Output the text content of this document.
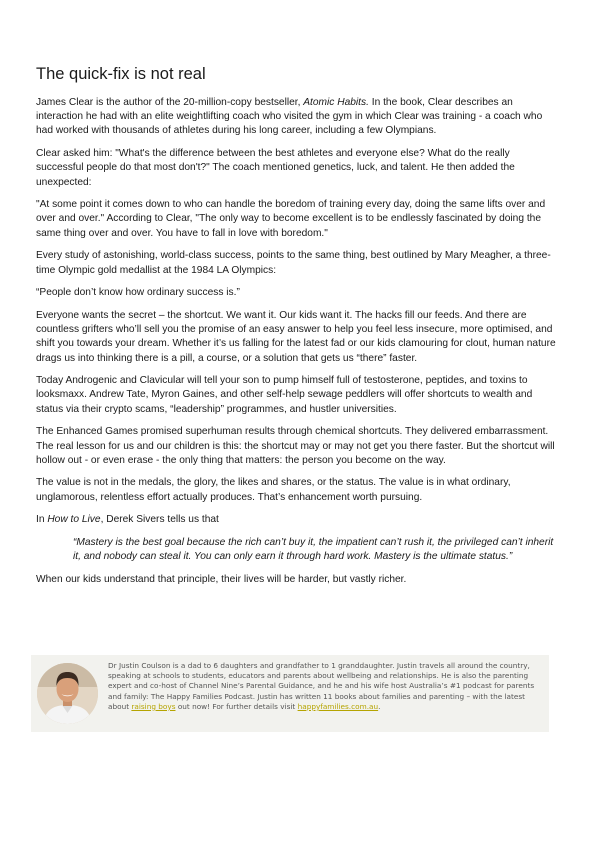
The quick-fix is not real

James Clear is the author of the 20-million-copy bestseller, Atomic Habits. In the book, Clear describes an interaction he had with an elite weightlifting coach who visited the gym in which Clear was training - a coach who had worked with thousands of athletes during his long career, including a few Olympians.

Clear asked him: "What's the difference between the best athletes and everyone else? What do the really successful people do that most don't?" The coach mentioned genetics, luck, and talent. He then added the unexpected:

"At some point it comes down to who can handle the boredom of training every day, doing the same lifts over and over and over." According to Clear, "The only way to become excellent is to be endlessly fascinated by doing the same thing over and over. You have to fall in love with boredom."

Every study of astonishing, world-class success, points to the same thing, best outlined by Mary Meagher, a three-time Olympic gold medallist at the 1984 LA Olympics:

“People don’t know how ordinary success is.”

Everyone wants the secret – the shortcut. We want it. Our kids want it. The hacks fill our feeds. And there are countless grifters who’ll sell you the promise of an easy answer to help you feel less insecure, more optimised, and shift you towards your dream. Whether it’s us falling for the latest fad or our kids clamouring for clout, human nature drags us into thinking there is a pill, a course, or a solution that gets us “there” faster.

Today Androgenic and Clavicular will tell your son to pump himself full of testosterone, peptides, and toxins to looksmaxx. Andrew Tate, Myron Gaines, and other self-help sewage peddlers will offer shortcuts to wealth and status via their crypto scams, “leadership” programmes, and hustler universities.

The Enhanced Games promised superhuman results through chemical shortcuts. They delivered embarrassment. The real lesson for us and our children is this: the shortcut may or may not get you there faster. But the shortcut will hollow out - or even erase - the only thing that matters: the person you become on the way.

The value is not in the medals, the glory, the likes and shares, or the status. The value is in what ordinary, unglamorous, relentless effort actually produces. That’s enhancement worth pursuing.

In How to Live, Derek Sivers tells us that

“Mastery is the best goal because the rich can’t buy it, the impatient can’t rush it, the privileged can’t inherit it, and nobody can steal it. You can only earn it through hard work. Mastery is the ultimate status.”

When our kids understand that principle, their lives will be harder, but vastly richer.

Dr Justin Coulson is a dad to 6 daughters and grandfather to 1 granddaughter. Justin travels all around the country, speaking at schools to students, educators and parents about wellbeing and relationships. He is also the parenting expert and co-host of Channel Nine’s Parental Guidance, and he and his wife host Australia’s #1 podcast for parents and family: The Happy Families Podcast. Justin has written 11 books about families and parenting – with the latest about raising boys out now! For further details visit happyfamilies.com.au.
